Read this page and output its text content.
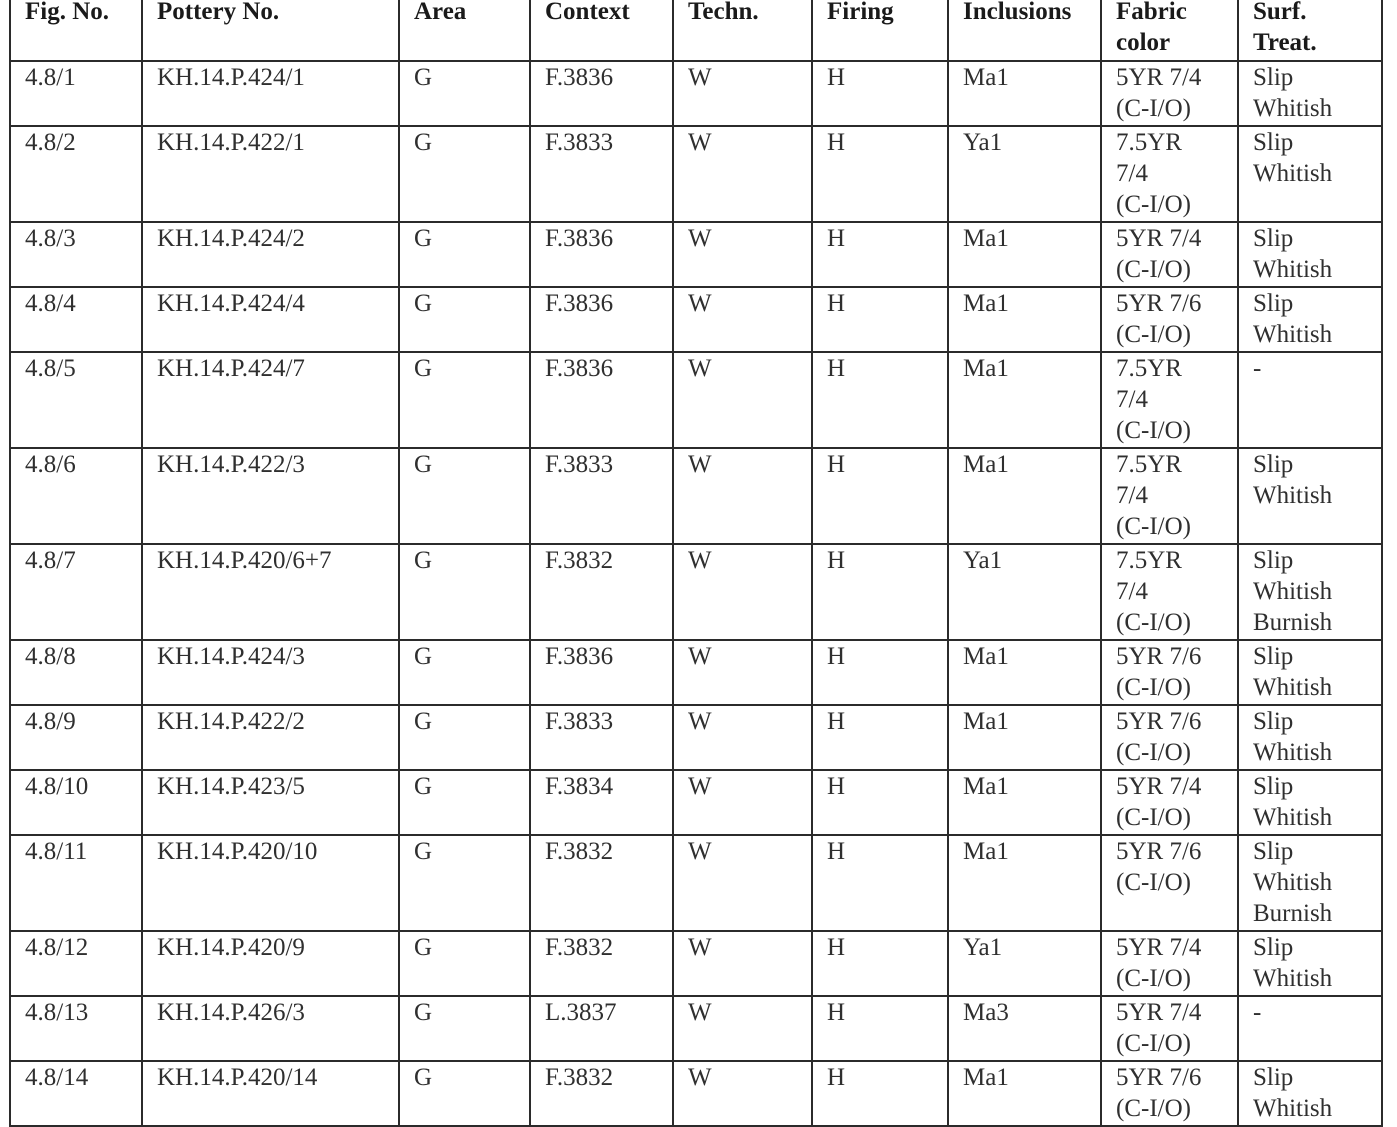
Fig. No.	Pottery No.	Area	Context	Techn.	Firing	Inclusions	Fabric
color	Surf.
Treat.

4.8/1	KH.14.P.424/1	G	F.3836	W	H	Ma1	5YR 7/4
(C-I/O)	Slip
Whitish

4.8/2	KH.14.P.422/1	G	F.3833	W	H	Ya1	7.5YR
7/4
(C-I/O)	Slip
Whitish

4.8/3	KH.14.P.424/2	G	F.3836	W	H	Ma1	5YR 7/4
(C-I/O)	Slip
Whitish

4.8/4	KH.14.P.424/4	G	F.3836	W	H	Ma1	5YR 7/6
(C-I/O)	Slip
Whitish

4.8/5	KH.14.P.424/7	G	F.3836	W	H	Ma1	7.5YR
7/4
(C-I/O)	-

4.8/6	KH.14.P.422/3	G	F.3833	W	H	Ma1	7.5YR
7/4
(C-I/O)	Slip
Whitish

4.8/7	KH.14.P.420/6+7	G	F.3832	W	H	Ya1	7.5YR
7/4
(C-I/O)	Slip
Whitish
Burnish

4.8/8	KH.14.P.424/3	G	F.3836	W	H	Ma1	5YR 7/6
(C-I/O)	Slip
Whitish

4.8/9	KH.14.P.422/2	G	F.3833	W	H	Ma1	5YR 7/6
(C-I/O)	Slip
Whitish

4.8/10	KH.14.P.423/5	G	F.3834	W	H	Ma1	5YR 7/4
(C-I/O)	Slip
Whitish

4.8/11	KH.14.P.420/10	G	F.3832	W	H	Ma1	5YR 7/6
(C-I/O)	Slip
Whitish
Burnish

4.8/12	KH.14.P.420/9	G	F.3832	W	H	Ya1	5YR 7/4
(C-I/O)	Slip
Whitish

4.8/13	KH.14.P.426/3	G	L.3837	W	H	Ma3	5YR 7/4
(C-I/O)	-

4.8/14	KH.14.P.420/14	G	F.3832	W	H	Ma1	5YR 7/6
(C-I/O)	Slip
Whitish
